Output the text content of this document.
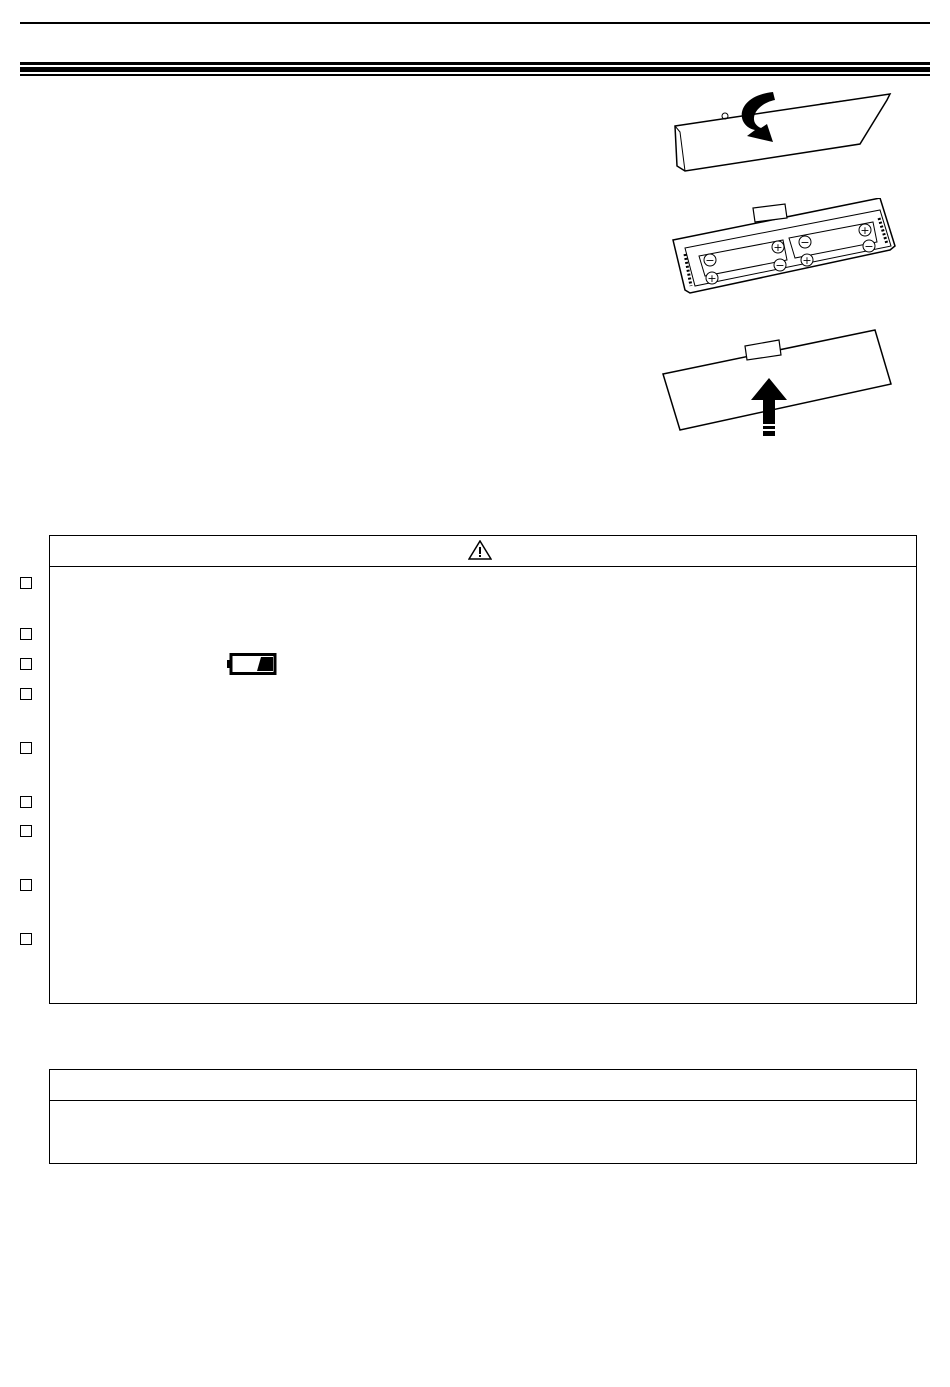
−
+
+
−
−
+
+
−
